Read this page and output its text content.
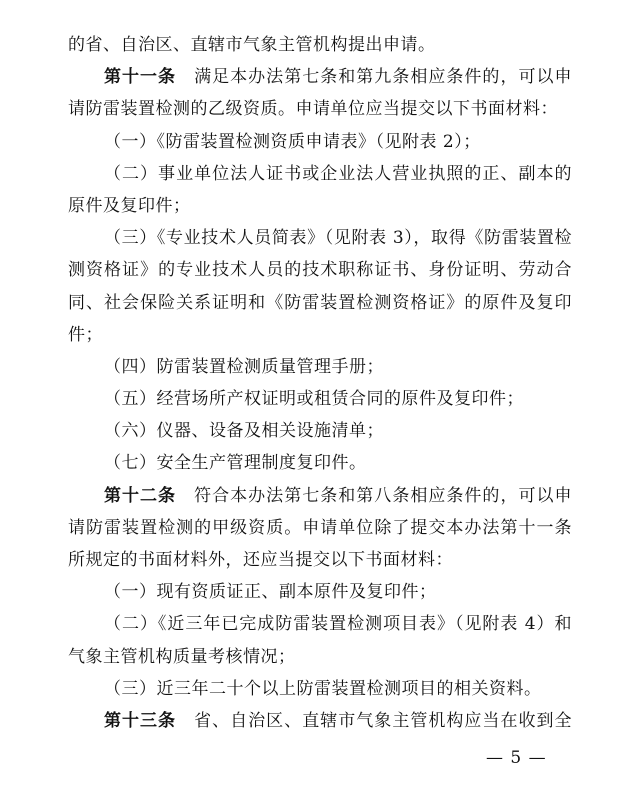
的省、自治区、直辖市气象主管机构提出申请。
第十一条 满足本办法第七条和第九条相应条件的，可以申
请防雷装置检测的乙级资质。申请单位应当提交以下书面材料：
（一）《防雷装置检测资质申请表》（见附表 2）；
（二）事业单位法人证书或企业法人营业执照的正、副本的
原件及复印件；
（三）《专业技术人员简表》（见附表 3），取得《防雷装置检
测资格证》的专业技术人员的技术职称证书、身份证明、劳动合
同、社会保险关系证明和《防雷装置检测资格证》的原件及复印
件；
（四）防雷装置检测质量管理手册；
（五）经营场所产权证明或租赁合同的原件及复印件；
（六）仪器、设备及相关设施清单；
（七）安全生产管理制度复印件。
第十二条 符合本办法第七条和第八条相应条件的，可以申
请防雷装置检测的甲级资质。申请单位除了提交本办法第十一条
所规定的书面材料外，还应当提交以下书面材料：
（一）现有资质证正、副本原件及复印件；
（二）《近三年已完成防雷装置检测项目表》（见附表 4）和
气象主管机构质量考核情况；
（三）近三年二十个以上防雷装置检测项目的相关资料。
第十三条 省、自治区、直辖市气象主管机构应当在收到全
— 5 —
